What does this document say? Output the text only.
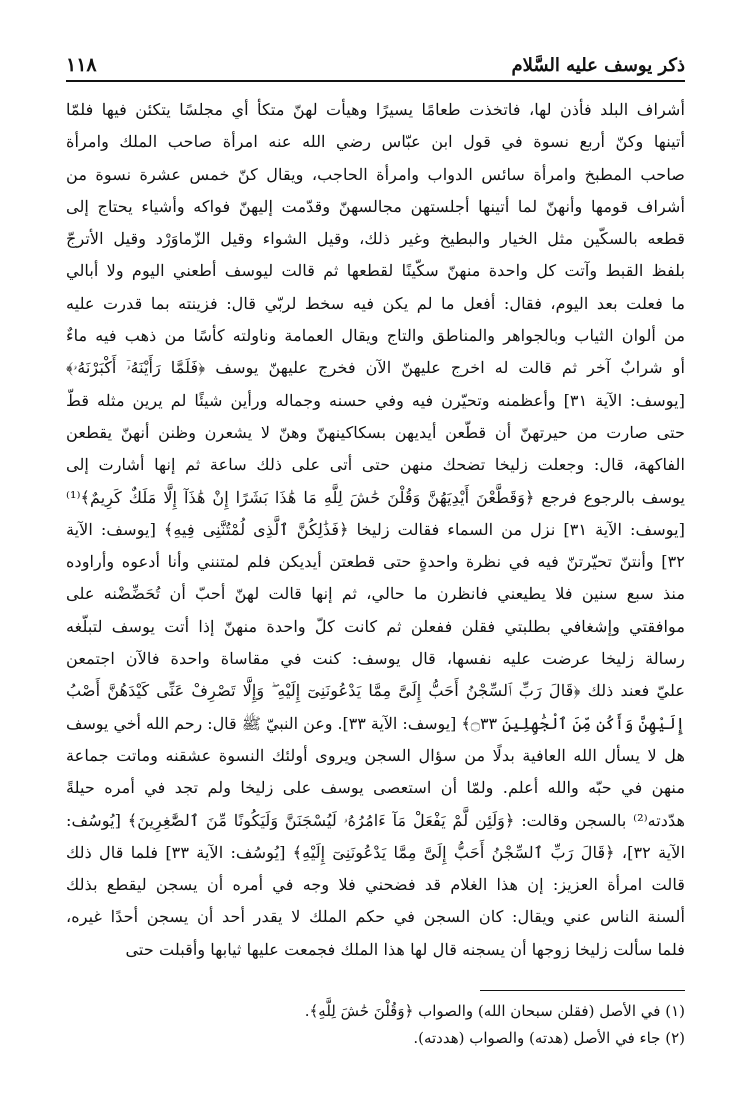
ذكر يوسف عليه السَّلام
١١٨

أشراف البلد فأذن لها، فاتخذت طعامًا يسيرًا وهيأت لهنّ متكأ أي مجلسًا يتكئن فيها فلمّا

أتينها وكنّ أربع نسوة في قول ابن عبّاس رضي الله عنه امرأة صاحب الملك وامرأة

صاحب المطبخ وامرأة سائس الدواب وامرأة الحاجب، ويقال كنّ خمس عشرة نسوة من

أشراف قومها وأنهنّ لما أتينها أجلستهن مجالسهنّ وقدّمت إليهنّ فواكه وأشياء يحتاج إلى

قطعه بالسكّين مثل الخيار والبطيخ وغير ذلك، وقيل الشواء وقيل الزّماوَرْد وقيل الأترجّ

بلفظ القبط وآتت كل واحدة منهنّ سكّينًا لقطعها ثم قالت ليوسف أطعني اليوم ولا أبالي

ما فعلت بعد اليوم، فقال: أفعل ما لم يكن فيه سخط لربّي قال: فزينته بما قدرت عليه

من ألوان الثياب وبالجواهر والمناطق والتاج ويقال العمامة وناولته كأسًا من ذهب فيه ماءٌ

أو شرابٌ آخر ثم قالت له اخرج عليهنّ الآن فخرج عليهنّ يوسف ﴿فَلَمَّا رَأَيْنَهُۥٓ أَكْبَرْنَهُۥ﴾

[يوسف: الآية ٣١] وأعظمنه وتحيّرن فيه وفي حسنه وجماله ورأين شيئًا لم يرين مثله قطّ

حتى صارت من حيرتهنّ أن قطّعن أيديهن بسكاكينهنّ وهنّ لا يشعرن وظنن أنهنّ يقطعن

الفاكهة، قال: وجعلت زليخا تضحك منهن حتى أتى على ذلك ساعة ثم إنها أشارت إلى

يوسف بالرجوع فرجع ﴿وَقَطَّعْنَ أَيْدِيَهُنَّ وَقُلْنَ حَٰشَ لِلَّهِ مَا هَٰذَا بَشَرًا إِنْ هَٰذَآ إِلَّا مَلَكٌ كَرِيمٌ﴾⁽¹⁾

[يوسف: الآية ٣١] نزل من السماء فقالت زليخا ﴿فَذَٰلِكُنَّ ٱلَّذِى لُمْتُنَّنِى فِيهِ﴾ [يوسف: الآية

٣٢] وأنتنّ تحيّرتنّ فيه في نظرة واحدةٍ حتى قطعتن أيديكن فلم لمتنني وأنا أدعوه وأراوده

منذ سبع سنين فلا يطيعني فانظرن ما حالي، ثم إنها قالت لهنّ أحبّ أن تُحَضِّضْنه على

موافقتي وإشغافي بطلبتي فقلن ففعلن ثم كانت كلّ واحدة منهنّ إذا أتت يوسف لتبلّغه

رسالة زليخا عرضت عليه نفسها، قال يوسف: كنت في مقاساة واحدة فالآن اجتمعن

عليّ فعند ذلك ﴿قَالَ رَبِّ ٱلسِّجْنُ أَحَبُّ إِلَىَّ مِمَّا يَدْعُونَنِىٓ إِلَيْهِ ۖ وَإِلَّا تَصْرِفْ عَنِّى كَيْدَهُنَّ أَصْبُ

إِلَيْهِنَّ وَأَكُن مِّنَ ٱلْجَٰهِلِينَ ۝٣٣﴾ [يوسف: الآية ٣٣]. وعن النبيّ ﷺ قال: رحم الله أخي يوسف

هل لا يسأل الله العافية بدلًا من سؤال السجن ويروى أولئك النسوة عشقنه وماتت جماعة

منهن في حبّه والله أعلم. ولمّا أن استعصى يوسف على زليخا ولم تجد في أمره حيلةً

هدّدته⁽²⁾ بالسجن وقالت: ﴿وَلَئِن لَّمْ يَفْعَلْ مَآ ءَامُرُهُۥ لَيُسْجَنَنَّ وَلَيَكُونًا مِّنَ ٱلصَّٰغِرِينَ﴾ [يُوسُف:

الآية ٣٢]، ﴿قَالَ رَبِّ ٱلسِّجْنُ أَحَبُّ إِلَىَّ مِمَّا يَدْعُونَنِىٓ إِلَيْهِ﴾ [يُوسُف: الآية ٣٣] فلما قال ذلك

قالت امرأة العزيز: إن هذا الغلام قد فضحني فلا وجه في أمره أن يسجن ليقطع بذلك

ألسنة الناس عني ويقال: كان السجن في حكم الملك لا يقدر أحد أن يسجن أحدًا غيره،

فلما سألت زليخا زوجها أن يسجنه قال لها هذا الملك فجمعت عليها ثيابها وأقبلت حتى

(١) في الأصل (فقلن سبحان الله) والصواب ﴿وَقُلْنَ حَٰشَ لِلَّهِ﴾.

(٢) جاء في الأصل (هدته) والصواب (هددته).
